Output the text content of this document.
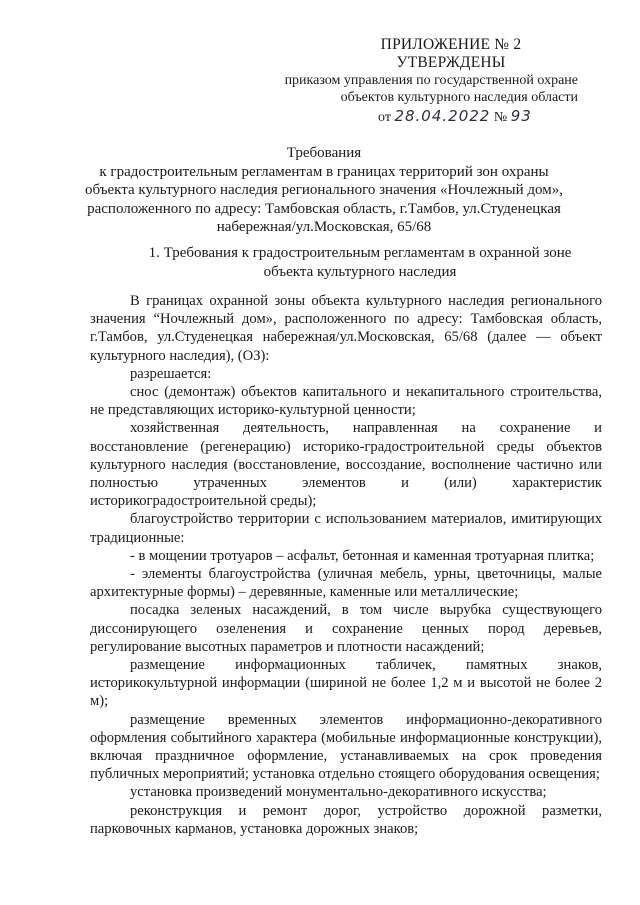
ПРИЛОЖЕНИЕ № 2

УТВЕРЖДЕНЫ

приказом управления по государственной охране

объектов культурного наследия области

от 28.04.2022 № 93

Требования

к градостроительным регламентам в границах территорий зон охраны

объекта культурного наследия регионального значения «Ночлежный дом»,

расположенного по адресу: Тамбовская область, г.Тамбов, ул.Студенецкая

набережная/ул.Московская, 65/68

1. Требования к градостроительным регламентам в охранной зоне

объекта культурного наследия

В границах охранной зоны объекта культурного наследия регионального значения “Ночлежный дом», расположенного по адресу: Тамбовская область, г.Тамбов, ул.Студенецкая набережная/ул.Московская, 65/68 (далее — объект культурного наследия), (ОЗ):

разрешается:

снос (демонтаж) объектов капитального и некапитального строительства, не представляющих историко-культурной ценности;

хозяйственная деятельность, направленная на сохранение и восстановление (регенерацию) историко-градостроительной среды объектов культурного наследия (восстановление, воссоздание, восполнение частично или полностью утраченных элементов и (или) характеристик историкоградостроительной среды);

благоустройство территории с использованием материалов, имитирующих традиционные:

- в мощении тротуаров – асфальт, бетонная и каменная тротуарная плитка;

- элементы благоустройства (уличная мебель, урны, цветочницы, малые архитектурные формы) – деревянные, каменные или металлические;

посадка зеленых насаждений, в том числе вырубка существующего диссонирующего озеленения и сохранение ценных пород деревьев, регулирование высотных параметров и плотности насаждений;

размещение информационных табличек, памятных знаков, историкокультурной информации (шириной не более 1,2 м и высотой не более 2 м);

размещение временных элементов информационно-декоративного оформления событийного характера (мобильные информационные конструкции), включая праздничное оформление, устанавливаемых на срок проведения публичных мероприятий; установка отдельно стоящего оборудования освещения;

установка произведений монументально-декоративного искусства;

реконструкция и ремонт дорог, устройство дорожной разметки, парковочных карманов, установка дорожных знаков;
